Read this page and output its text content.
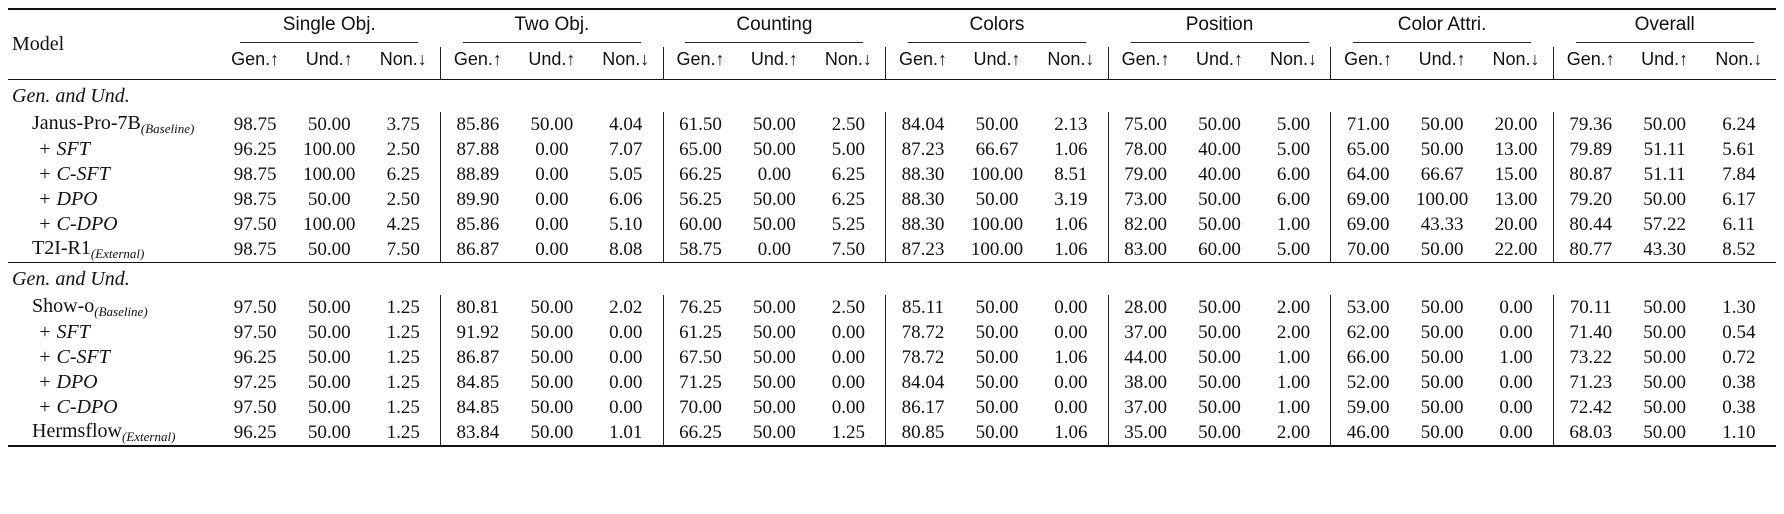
Model	Single Obj.			Two Obj.			Counting			Colors			Position			Color Attri.			Overall		
	Gen.↑	Und.↑	Non.↓	Gen.↑	Und.↑	Non.↓	Gen.↑	Und.↑	Non.↓	Gen.↑	Und.↑	Non.↓	Gen.↑	Und.↑	Non.↓	Gen.↑	Und.↑	Non.↓	Gen.↑	Und.↑	Non.↓
Gen. and Und.																					
Janus-$Pro-7B_{(Baseline)}$	98.75	50.00	3.75	85.86	50.00	4.04	61.50	50.00	2.50	84.04	50.00	2.13	75.00	50.00	5.00	71.00	50.00	20.00	79.36	50.00	6.24
+ SFT	96.25	100.00	2.50	87.88	0.00	7.07	65.00	50.00	5.00	87.23	66.67	1.06	78.00	40.00	5.00	65.00	50.00	13.00	79.89	51.11	5.61
+ C-SFT	98.75	100.00	6.25	88.89	0.00	5.05	66.25	0.00	6.25	88.30	100.00	8.51	79.00	40.00	6.00	64.00	66.67	15.00	80.87	51.11	7.84
+ DPO	98.75	50.00	2.50	89.90	0.00	6.06	56.25	50.00	6.25	88.30	50.00	3.19	73.00	50.00	6.00	69.00	100.00	13.00	79.20	50.00	6.17
+ C-DPO	97.50	100.00	4.25	85.86	0.00	5.10	60.00	50.00	5.25	88.30	100.00	1.06	82.00	50.00	1.00	69.00	43.33	20.00	80.44	57.22	6.11
$T2I-R1_{(External)}$	98.75	50.00	7.50	86.87	0.00	8.08	58.75	0.00	7.50	87.23	100.00	1.06	83.00	60.00	5.00	70.00	50.00	22.00	80.77	43.30	8.52
Gen. and Und.																					
Show-$o_{(Baseline)}$	97.50	50.00	1.25	80.81	50.00	2.02	76.25	50.00	2.50	85.11	50.00	0.00	28.00	50.00	2.00	53.00	50.00	0.00	70.11	50.00	1.30
+ SFT	97.50	50.00	1.25	91.92	50.00	0.00	61.25	50.00	0.00	78.72	50.00	0.00	37.00	50.00	2.00	62.00	50.00	0.00	71.40	50.00	0.54
+ C-SFT	96.25	50.00	1.25	86.87	50.00	0.00	67.50	50.00	0.00	78.72	50.00	1.06	44.00	50.00	1.00	66.00	50.00	1.00	73.22	50.00	0.72
+ DPO	97.25	50.00	1.25	84.85	50.00	0.00	71.25	50.00	0.00	84.04	50.00	0.00	38.00	50.00	1.00	52.00	50.00	0.00	71.23	50.00	0.38
+ C-DPO	97.50	50.00	1.25	84.85	50.00	0.00	70.00	50.00	0.00	86.17	50.00	0.00	37.00	50.00	1.00	59.00	50.00	0.00	72.42	50.00	0.38
Hermsflow$_{(External)}$	96.25	50.00	1.25	83.84	50.00	1.01	66.25	50.00	1.25	80.85	50.00	1.06	35.00	50.00	2.00	46.00	50.00	0.00	68.03	50.00	1.10
